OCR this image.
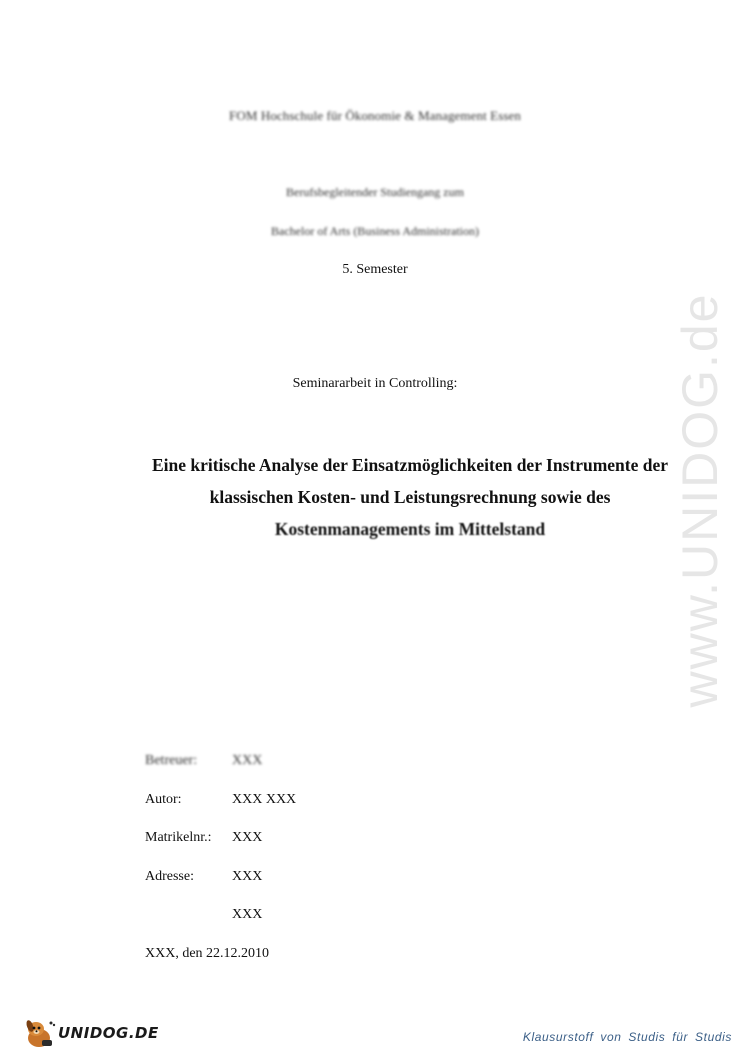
www.UNIDOG.de
FOM Hochschule für Ökonomie & Management Essen
Berufsbegleitender Studiengang zum
Bachelor of Arts (Business Administration)
5. Semester
Seminararbeit in Controlling:
Eine kritische Analyse der Einsatzmöglichkeiten der Instrumente der
klassischen Kosten- und Leistungsrechnung sowie des
Kostenmanagements im Mittelstand
Betreuer: XXX
Autor:	XXX XXX
Matrikelnr.: XXX
Adresse:	XXX
XXX
XXX, den 22.12.2010
UNIDOG.DE	Klausurstoff von Studis für Studis
